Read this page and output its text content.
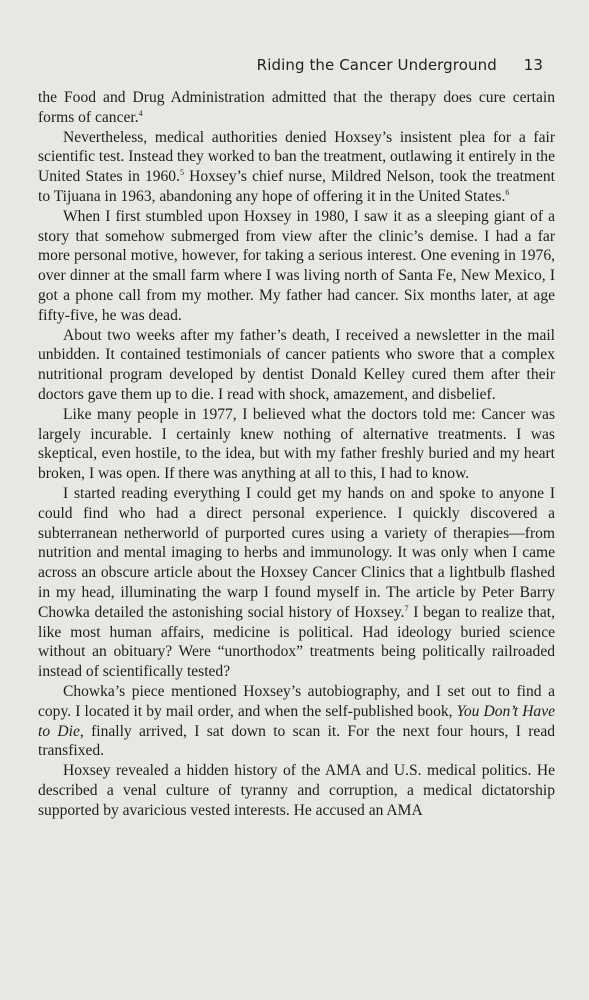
Riding the Cancer Underground 13

the Food and Drug Administration admitted that the therapy does cure certain forms of cancer.$^4$

Nevertheless, medical authorities denied Hoxsey’s insistent plea for a fair scientific test. Instead they worked to ban the treatment, outlawing it entirely in the United States in 1960.$^5$ Hoxsey’s chief nurse, Mildred Nelson, took the treatment to Tijuana in 1963, abandoning any hope of offering it in the United States.$^6$

When I first stumbled upon Hoxsey in 1980, I saw it as a sleeping giant of a story that somehow submerged from view after the clinic’s demise. I had a far more personal motive, however, for taking a serious interest. One evening in 1976, over dinner at the small farm where I was living north of Santa Fe, New Mexico, I got a phone call from my mother. My father had cancer. Six months later, at age fifty-five, he was dead.

About two weeks after my father’s death, I received a newsletter in the mail unbidden. It contained testimonials of cancer patients who swore that a complex nutritional program developed by dentist Donald Kelley cured them after their doctors gave them up to die. I read with shock, amazement, and disbelief.

Like many people in 1977, I believed what the doctors told me: Cancer was largely incurable. I certainly knew nothing of alternative treatments. I was skeptical, even hostile, to the idea, but with my father freshly buried and my heart broken, I was open. If there was anything at all to this, I had to know.

I started reading everything I could get my hands on and spoke to anyone I could find who had a direct personal experience. I quickly discovered a subterranean netherworld of purported cures using a variety of therapies—from nutrition and mental imaging to herbs and immunology. It was only when I came across an obscure article about the Hoxsey Cancer Clinics that a lightbulb flashed in my head, illuminating the warp I found myself in. The article by Peter Barry Chowka detailed the astonishing social history of Hoxsey.$^7$ I began to realize that, like most human affairs, medicine is political. Had ideology buried science without an obituary? Were “unorthodox” treatments being politically railroaded instead of scientifically tested?

Chowka’s piece mentioned Hoxsey’s autobiography, and I set out to find a copy. I located it by mail order, and when the self-published book, You Don’t Have to Die, finally arrived, I sat down to scan it. For the next four hours, I read transfixed.

Hoxsey revealed a hidden history of the AMA and U.S. medical politics. He described a venal culture of tyranny and corruption, a medical dictatorship supported by avaricious vested interests. He accused an AMA
